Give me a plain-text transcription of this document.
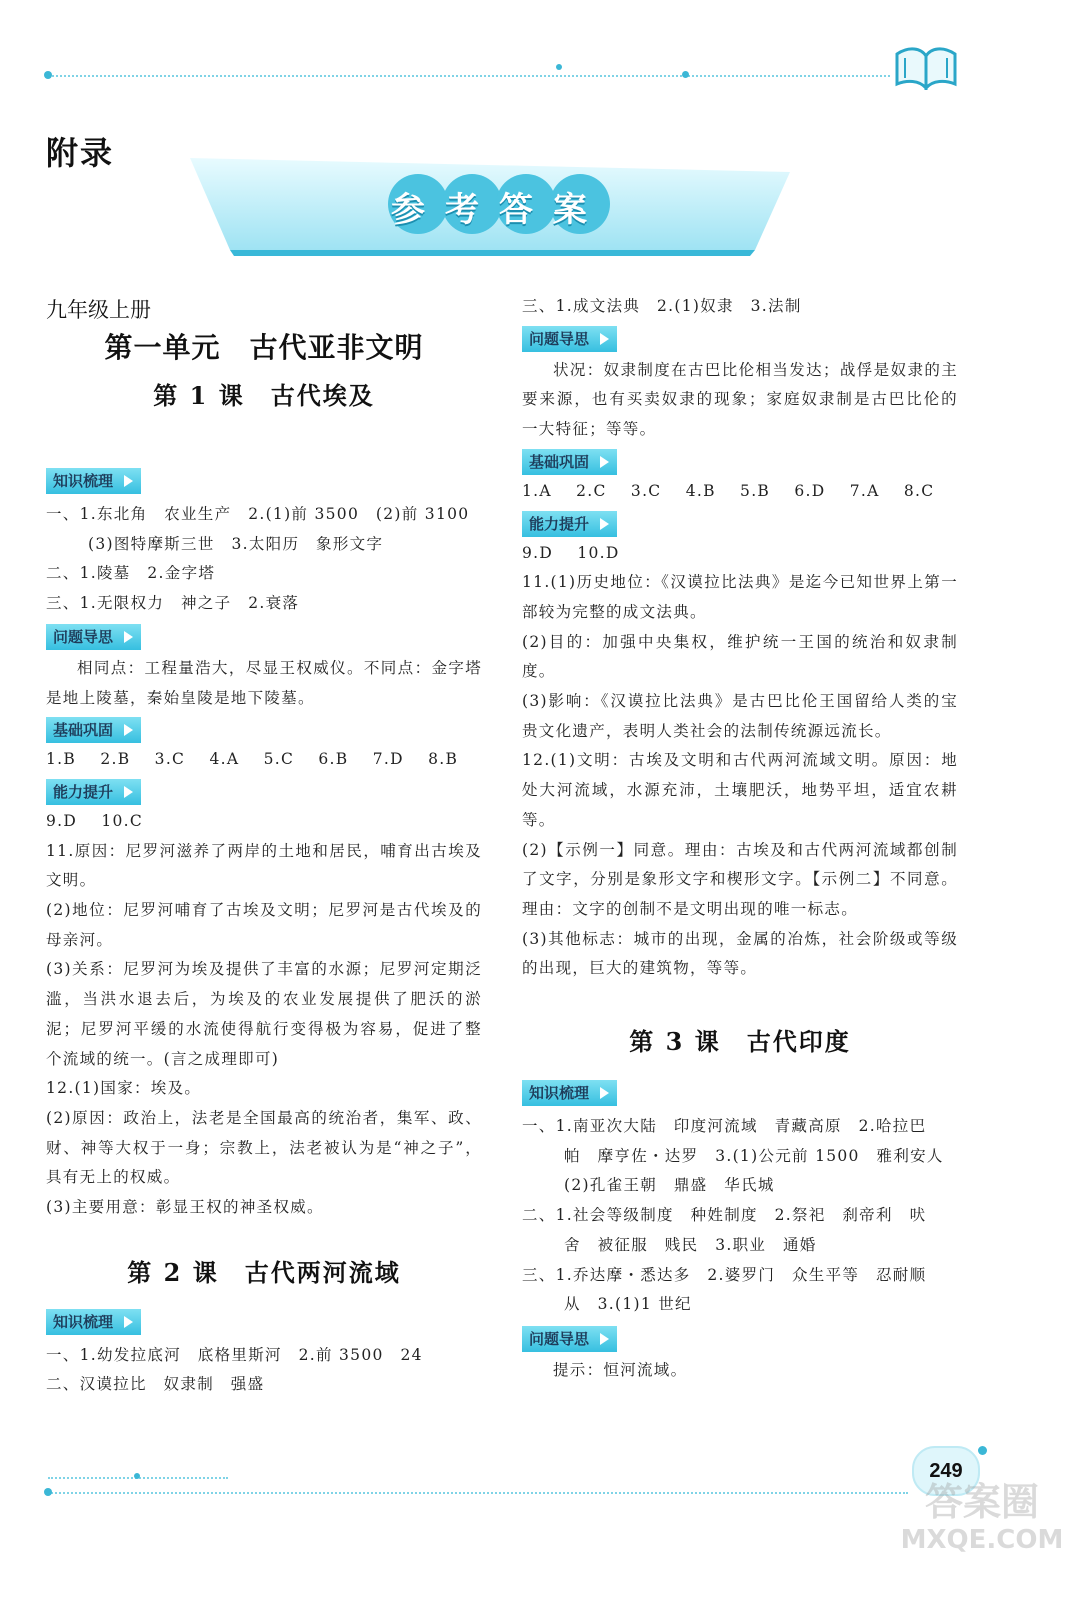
附录
参考答案
九年级上册
第一单元　古代亚非文明
第 1 课　古代埃及
知识梳理
一、1.东北角　农业生产　2.(1)前 3500　(2)前 3100
(3)图特摩斯三世　3.太阳历　象形文字
二、1.陵墓　2.金字塔
三、1.无限权力　神之子　2.衰落
问题导思
相同点：工程量浩大，尽显王权威仪。不同点：金字塔是地上陵墓，秦始皇陵是地下陵墓。
基础巩固
1.B 2.B 3.C 4.A 5.C 6.B 7.D 8.B
能力提升
9.D 10.C
11.原因：尼罗河滋养了两岸的土地和居民，哺育出古埃及文明。
(2)地位：尼罗河哺育了古埃及文明；尼罗河是古代埃及的母亲河。
(3)关系：尼罗河为埃及提供了丰富的水源；尼罗河定期泛滥，当洪水退去后，为埃及的农业发展提供了肥沃的淤泥；尼罗河平缓的水流使得航行变得极为容易，促进了整个流域的统一。(言之成理即可)
12.(1)国家：埃及。
(2)原因：政治上，法老是全国最高的统治者，集军、政、财、神等大权于一身；宗教上，法老被认为是“神之子”，具有无上的权威。
(3)主要用意：彰显王权的神圣权威。
第 2 课　古代两河流域
知识梳理
一、1.幼发拉底河　底格里斯河　2.前 3500　24
二、汉谟拉比　奴隶制　强盛
三、1.成文法典　2.(1)奴隶　3.法制
问题导思
状况：奴隶制度在古巴比伦相当发达；战俘是奴隶的主要来源，也有买卖奴隶的现象；家庭奴隶制是古巴比伦的一大特征；等等。
基础巩固
1.A 2.C 3.C 4.B 5.B 6.D 7.A 8.C
能力提升
9.D 10.D
11.(1)历史地位：《汉谟拉比法典》是迄今已知世界上第一部较为完整的成文法典。
(2)目的：加强中央集权，维护统一王国的统治和奴隶制度。
(3)影响：《汉谟拉比法典》是古巴比伦王国留给人类的宝贵文化遗产，表明人类社会的法制传统源远流长。
12.(1)文明：古埃及文明和古代两河流域文明。原因：地处大河流域，水源充沛，土壤肥沃，地势平坦，适宜农耕等。
(2)【示例一】同意。理由：古埃及和古代两河流域都创制了文字，分别是象形文字和楔形文字。【示例二】不同意。理由：文字的创制不是文明出现的唯一标志。
(3)其他标志：城市的出现，金属的冶炼，社会阶级或等级的出现，巨大的建筑物，等等。
第 3 课　古代印度
知识梳理
一、1.南亚次大陆　印度河流域　青藏高原　2.哈拉巴
帕　摩亨佐・达罗　3.(1)公元前 1500　雅利安人
(2)孔雀王朝　鼎盛　华氏城
二、1.社会等级制度　种姓制度　2.祭祀　刹帝利　吠
舍　被征服　贱民　3.职业　通婚
三、1.乔达摩・悉达多　2.婆罗门　众生平等　忍耐顺
从　3.(1)1 世纪
问题导思
提示：恒河流域。
249
答案圈
MXQE.COM
